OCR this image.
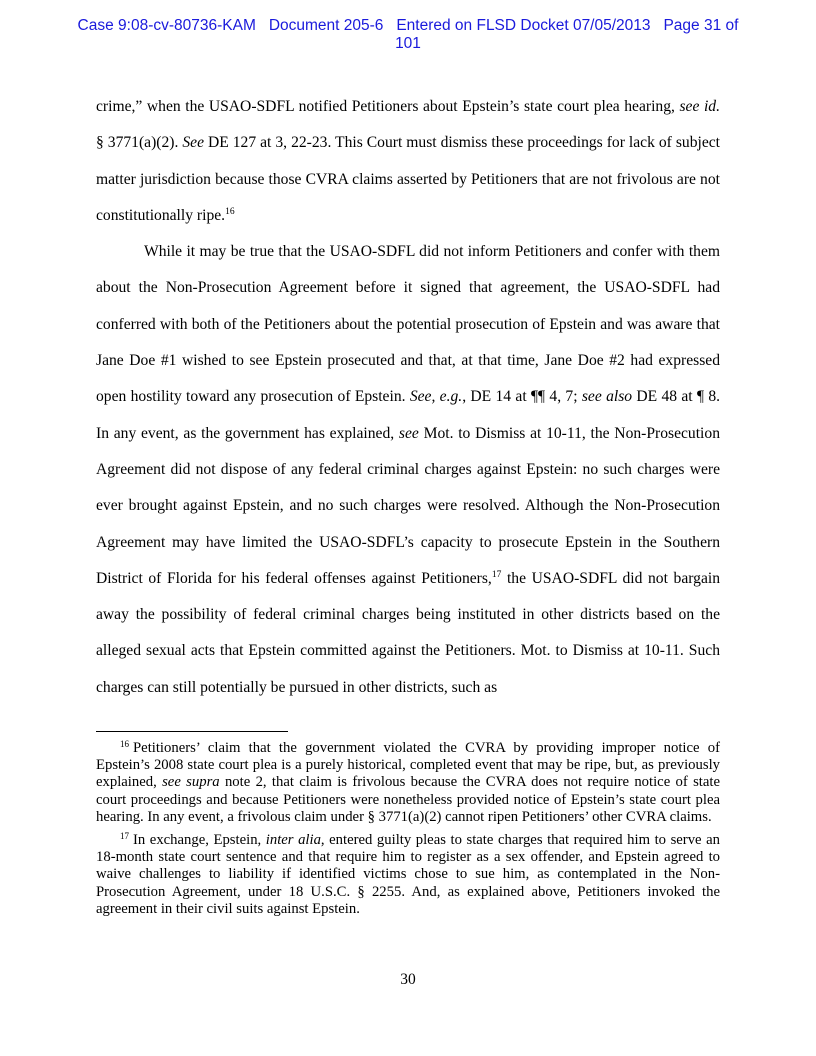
Case 9:08-cv-80736-KAM Document 205-6 Entered on FLSD Docket 07/05/2013 Page 31 of
101

crime,” when the USAO-SDFL notified Petitioners about Epstein’s state court plea hearing, see id. § 3771(a)(2). See DE 127 at 3, 22-23. This Court must dismiss these proceedings for lack of subject matter jurisdiction because those CVRA claims asserted by Petitioners that are not frivolous are not constitutionally ripe.$^{16}$

While it may be true that the USAO-SDFL did not inform Petitioners and confer with them about the Non-Prosecution Agreement before it signed that agreement, the USAO-SDFL had conferred with both of the Petitioners about the potential prosecution of Epstein and was aware that Jane Doe #1 wished to see Epstein prosecuted and that, at that time, Jane Doe #2 had expressed open hostility toward any prosecution of Epstein. See, e.g., DE 14 at ¶¶ 4, 7; see also DE 48 at ¶ 8. In any event, as the government has explained, see Mot. to Dismiss at 10-11, the Non-Prosecution Agreement did not dispose of any federal criminal charges against Epstein: no such charges were ever brought against Epstein, and no such charges were resolved. Although the Non-Prosecution Agreement may have limited the USAO-SDFL’s capacity to prosecute Epstein in the Southern District of Florida for his federal offenses against Petitioners,$^{17}$ the USAO-SDFL did not bargain away the possibility of federal criminal charges being instituted in other districts based on the alleged sexual acts that Epstein committed against the Petitioners. Mot. to Dismiss at 10-11. Such charges can still potentially be pursued in other districts, such as

$^{16}$ Petitioners’ claim that the government violated the CVRA by providing improper notice of Epstein’s 2008 state court plea is a purely historical, completed event that may be ripe, but, as previously explained, see supra note 2, that claim is frivolous because the CVRA does not require notice of state court proceedings and because Petitioners were nonetheless provided notice of Epstein’s state court plea hearing. In any event, a frivolous claim under § 3771(a)(2) cannot ripen Petitioners’ other CVRA claims.

$^{17}$ In exchange, Epstein, inter alia, entered guilty pleas to state charges that required him to serve an 18-month state court sentence and that require him to register as a sex offender, and Epstein agreed to waive challenges to liability if identified victims chose to sue him, as contemplated in the Non-Prosecution Agreement, under 18 U.S.C. § 2255. And, as explained above, Petitioners invoked the agreement in their civil suits against Epstein.

30
